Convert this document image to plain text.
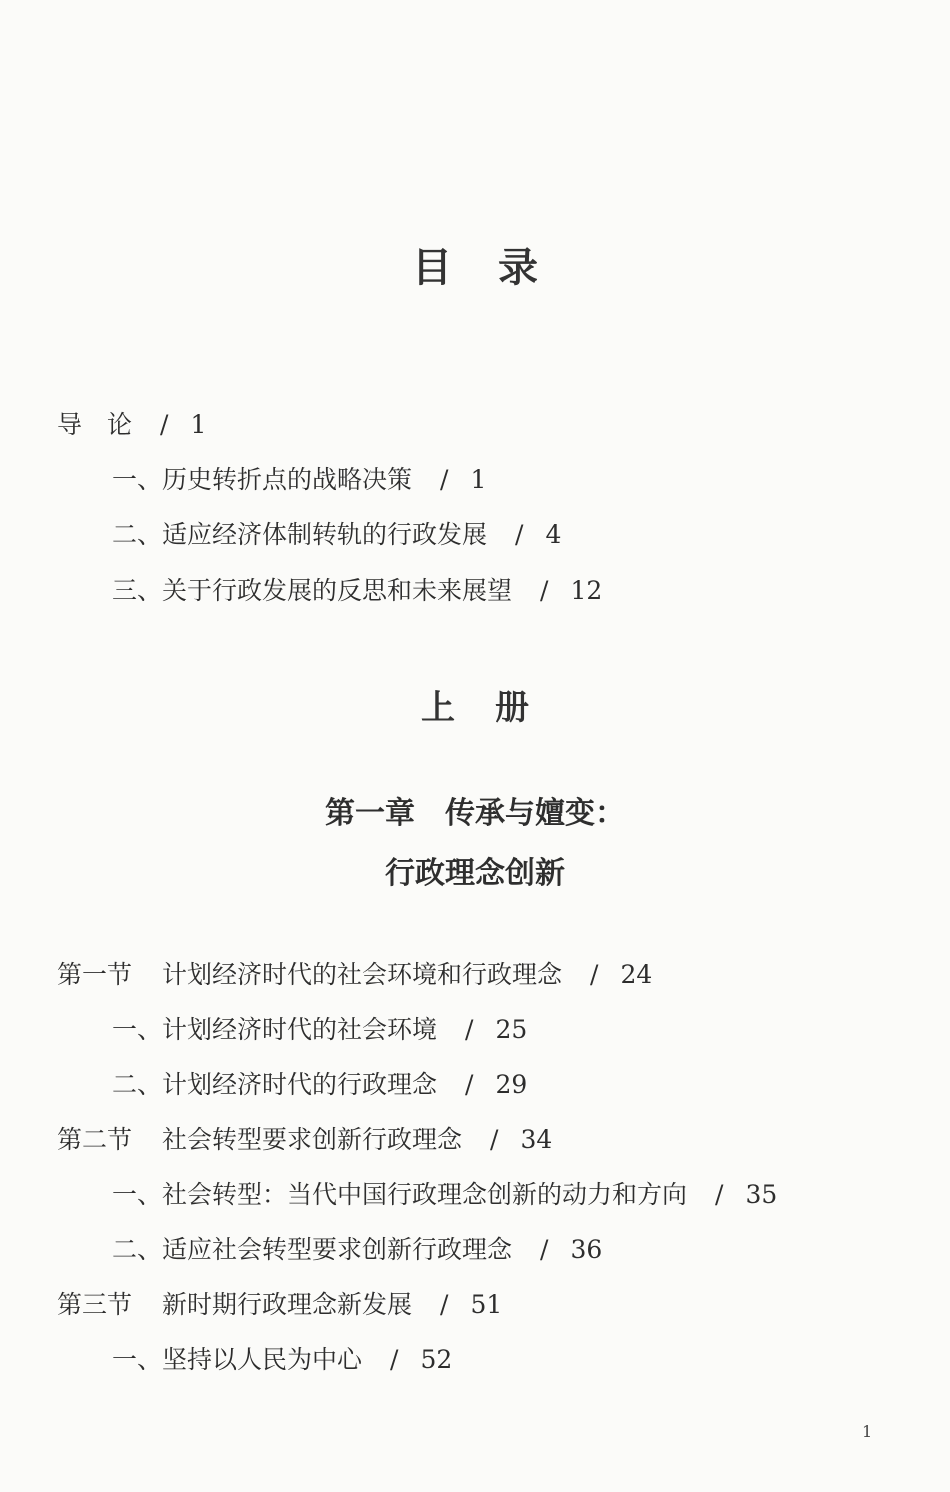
目录
导　论 / 1
一、历史转折点的战略决策 / 1
二、适应经济体制转轨的行政发展 / 4
三、关于行政发展的反思和未来展望 / 12
上册
第一章　传承与嬗变：
行政理念创新
第一节 计划经济时代的社会环境和行政理念 / 24
一、计划经济时代的社会环境 / 25
二、计划经济时代的行政理念 / 29
第二节 社会转型要求创新行政理念 / 34
一、社会转型：当代中国行政理念创新的动力和方向 / 35
二、适应社会转型要求创新行政理念 / 36
第三节 新时期行政理念新发展 / 51
一、坚持以人民为中心 / 52
1
